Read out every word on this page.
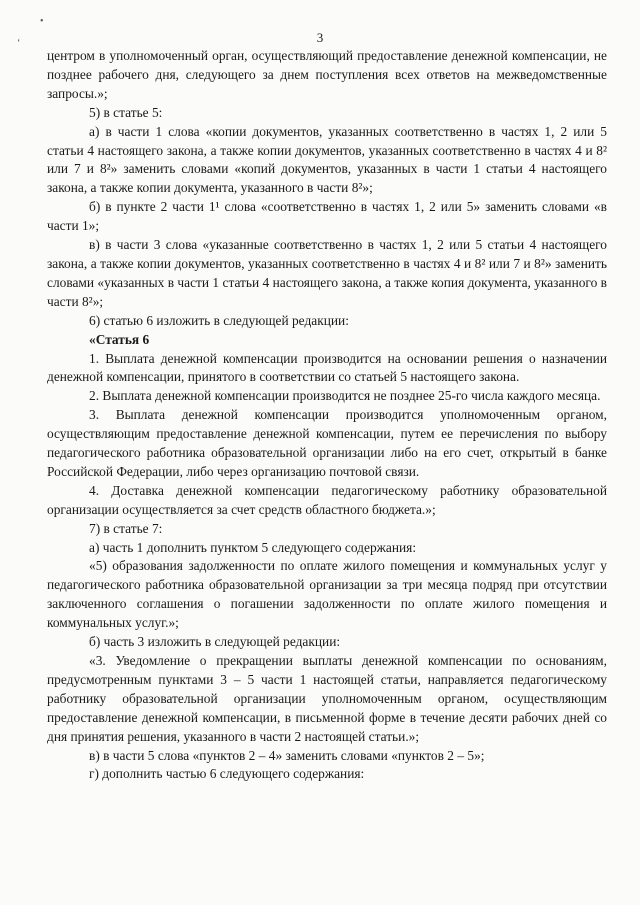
•
ʻ	3

центром в уполномоченный орган, осуществляющий предоставление денежной компенсации, не позднее рабочего дня, следующего за днем поступления всех ответов на межведомственные запросы.»;

5) в статье 5:

а) в части 1 слова «копии документов, указанных соответственно в частях 1, 2 или 5 статьи 4 настоящего закона, а также копии документов, указанных соответственно в частях 4 и 8² или 7 и 8²» заменить словами «копий документов, указанных в части 1 статьи 4 настоящего закона, а также копии документа, указанного в части 8²»;

б) в пункте 2 части 1¹ слова «соответственно в частях 1, 2 или 5» заменить словами «в части 1»;

в) в части 3 слова «указанные соответственно в частях 1, 2 или 5 статьи 4 настоящего закона, а также копии документов, указанных соответственно в частях 4 и 8² или 7 и 8²» заменить словами «указанных в части 1 статьи 4 настоящего закона, а также копия документа, указанного в части 8²»;

6) статью 6 изложить в следующей редакции:

«Статья 6

1. Выплата денежной компенсации производится на основании решения о назначении денежной компенсации, принятого в соответствии со статьей 5 настоящего закона.

2. Выплата денежной компенсации производится не позднее 25-го числа каждого месяца.

3. Выплата денежной компенсации производится уполномоченным органом, осуществляющим предоставление денежной компенсации, путем ее перечисления по выбору педагогического работника образовательной организации либо на его счет, открытый в банке Российской Федерации, либо через организацию почтовой связи.

4. Доставка денежной компенсации педагогическому работнику образовательной организации осуществляется за счет средств областного бюджета.»;

7) в статье 7:

а) часть 1 дополнить пунктом 5 следующего содержания:

«5) образования задолженности по оплате жилого помещения и коммунальных услуг у педагогического работника образовательной организации за три месяца подряд при отсутствии заключенного соглашения о погашении задолженности по оплате жилого помещения и коммунальных услуг.»;

б) часть 3 изложить в следующей редакции:

«3. Уведомление о прекращении выплаты денежной компенсации по основаниям, предусмотренным пунктами 3 – 5 части 1 настоящей статьи, направляется педагогическому работнику образовательной организации уполномоченным органом, осуществляющим предоставление денежной компенсации, в письменной форме в течение десяти рабочих дней со дня принятия решения, указанного в части 2 настоящей статьи.»;

в) в части 5 слова «пунктов 2 – 4» заменить словами «пунктов 2 – 5»;

г) дополнить частью 6 следующего содержания:
